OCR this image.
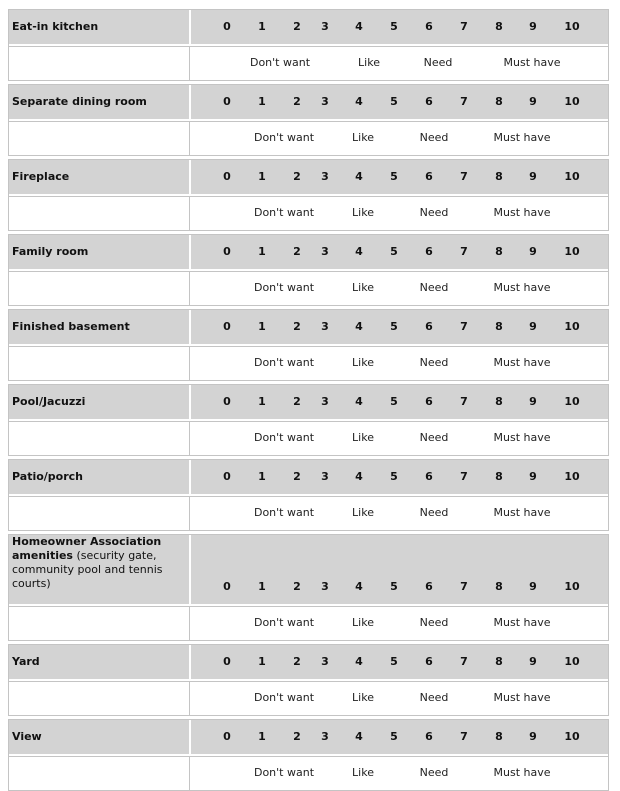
Eat-in kitchen	0 1 2 3 4 5 6 7 8 9	10
Don't want	Like	Need	Must have
Separate dining room	0 1 2 3 4 5 6 7 8 9	10
Don't want	Like	Need	Must have
Fireplace	0 1 2 3 4 5 6 7 8 9	10
Don't want	Like	Need	Must have
Family room	0 1 2 3 4 5 6 7 8 9	10
Don't want	Like	Need	Must have
Finished basement	0 1 2 3 4 5 6 7 8 9	10
Don't want	Like	Need	Must have
Pool/Jacuzzi	0 1 2 3 4 5 6 7 8 9	10
Don't want	Like	Need	Must have
Patio/porch	0 1 2 3 4 5 6 7 8 9	10
Don't want	Like	Need	Must have
Homeowner Association amenities (security gate, community pool and tennis courts)	0 1 2 3 4 5 6 7 8 9	10
Don't want	Like	Need	Must have
Yard	0 1 2 3 4 5 6 7 8 9	10
Don't want	Like	Need	Must have
View	0 1 2 3 4 5 6 7 8 9	10
Don't want	Like	Need	Must have
